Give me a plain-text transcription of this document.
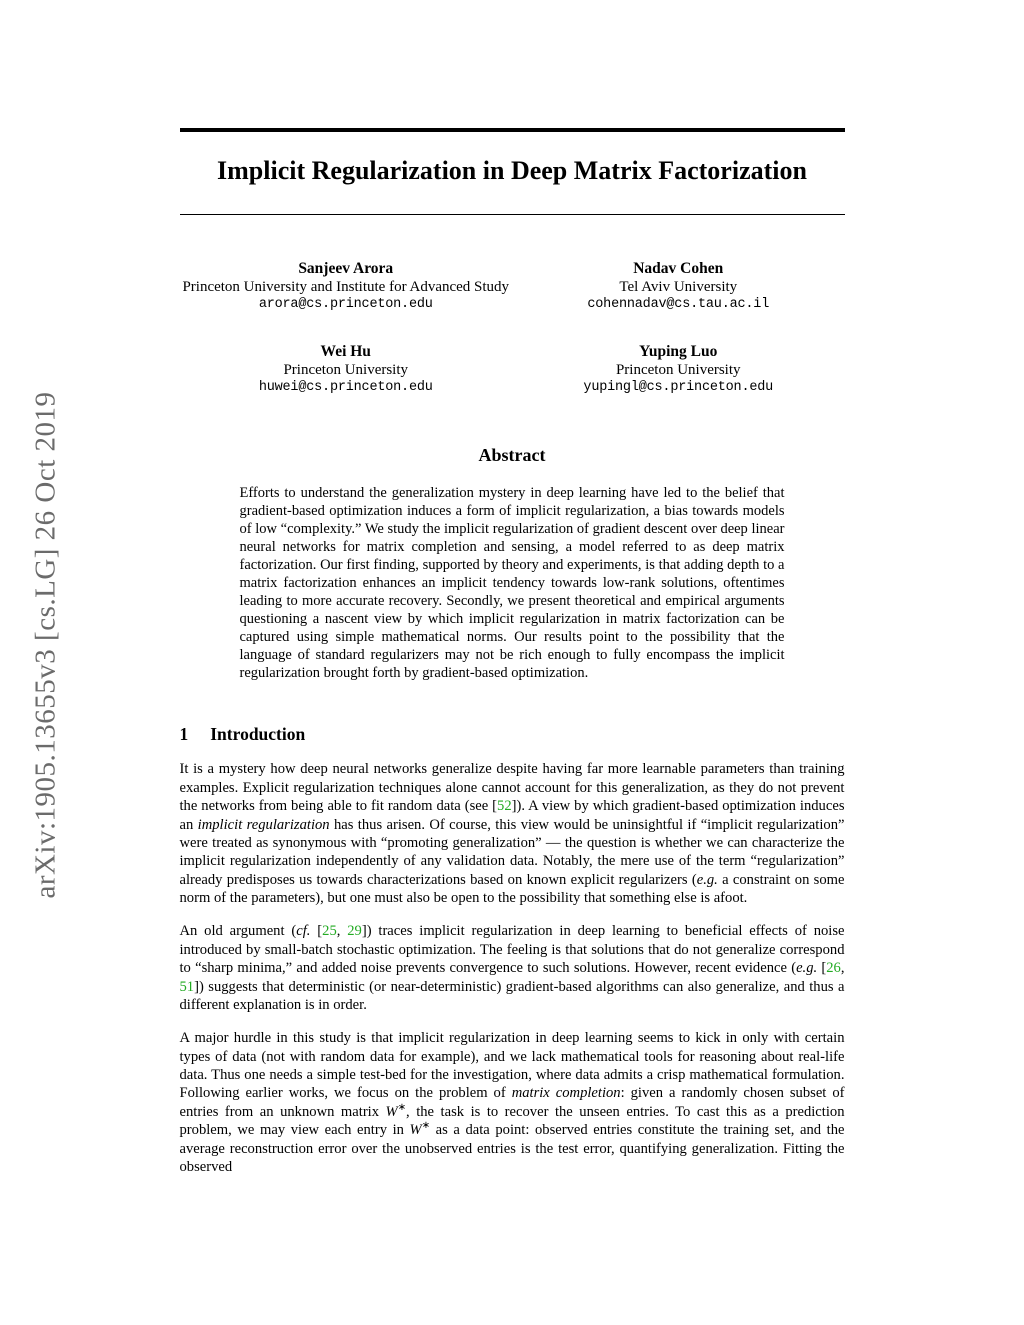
arXiv:1905.13655v3 [cs.LG] 26 Oct 2019
Implicit Regularization in Deep Matrix Factorization
Sanjeev Arora
Princeton University and Institute for Advanced Study
arora@cs.princeton.edu
Nadav Cohen
Tel Aviv University
cohennadav@cs.tau.ac.il
Wei Hu
Princeton University
huwei@cs.princeton.edu
Yuping Luo
Princeton University
yupingl@cs.princeton.edu
Abstract
Efforts to understand the generalization mystery in deep learning have led to the belief that gradient-based optimization induces a form of implicit regularization, a bias towards models of low “complexity.” We study the implicit regularization of gradient descent over deep linear neural networks for matrix completion and sensing, a model referred to as deep matrix factorization. Our first finding, supported by theory and experiments, is that adding depth to a matrix factorization enhances an implicit tendency towards low-rank solutions, oftentimes leading to more accurate recovery. Secondly, we present theoretical and empirical arguments questioning a nascent view by which implicit regularization in matrix factorization can be captured using simple mathematical norms. Our results point to the possibility that the language of standard regularizers may not be rich enough to fully encompass the implicit regularization brought forth by gradient-based optimization.
1 Introduction

It is a mystery how deep neural networks generalize despite having far more learnable parameters than training examples. Explicit regularization techniques alone cannot account for this generalization, as they do not prevent the networks from being able to fit random data (see [52]). A view by which gradient-based optimization induces an implicit regularization has thus arisen. Of course, this view would be uninsightful if “implicit regularization” were treated as synonymous with “promoting generalization” — the question is whether we can characterize the implicit regularization independently of any validation data. Notably, the mere use of the term “regularization” already predisposes us towards characterizations based on known explicit regularizers (e.g. a constraint on some norm of the parameters), but one must also be open to the possibility that something else is afoot.

An old argument (cf. [25, 29]) traces implicit regularization in deep learning to beneficial effects of noise introduced by small-batch stochastic optimization. The feeling is that solutions that do not generalize correspond to “sharp minima,” and added noise prevents convergence to such solutions. However, recent evidence (e.g. [26, 51]) suggests that deterministic (or near-deterministic) gradient-based algorithms can also generalize, and thus a different explanation is in order.

A major hurdle in this study is that implicit regularization in deep learning seems to kick in only with certain types of data (not with random data for example), and we lack mathematical tools for reasoning about real-life data. Thus one needs a simple test-bed for the investigation, where data admits a crisp mathematical formulation. Following earlier works, we focus on the problem of matrix completion: given a randomly chosen subset of entries from an unknown matrix W∗, the task is to recover the unseen entries. To cast this as a prediction problem, we may view each entry in W∗ as a data point: observed entries constitute the training set, and the average reconstruction error over the unobserved entries is the test error, quantifying generalization. Fitting the observed
